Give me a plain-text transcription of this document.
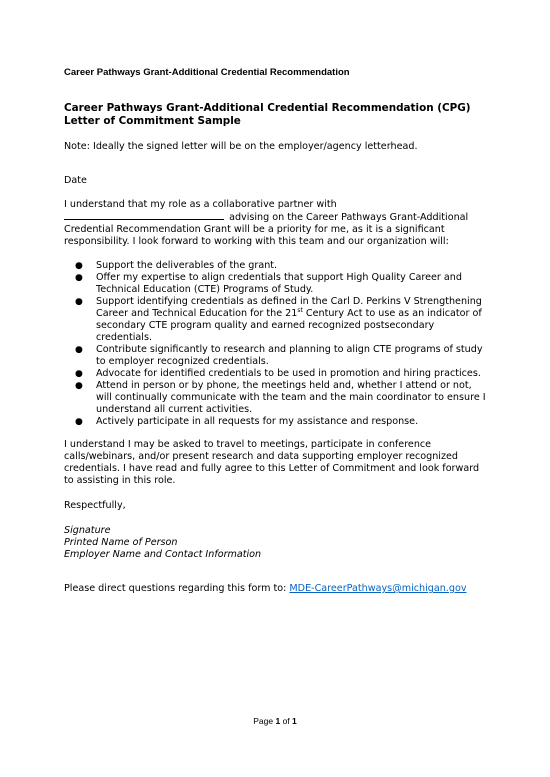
Career Pathways Grant-Additional Credential Recommendation

Career Pathways Grant-Additional Credential Recommendation (CPG)
Letter of Commitment Sample

Note: Ideally the signed letter will be on the employer/agency letterhead.

Date

I understand that my role as a collaborative partner with
advising on the Career Pathways Grant-Additional Credential Recommendation Grant will be a priority for me, as it is a significant responsibility. I look forward to working with this team and our organization will:

● Support the deliverables of the grant.
● Offer my expertise to align credentials that support High Quality Career and Technical Education (CTE) Programs of Study.
● Support identifying credentials as defined in the Carl D. Perkins V Strengthening Career and Technical Education for the 21st Century Act to use as an indicator of secondary CTE program quality and earned recognized postsecondary credentials.
● Contribute significantly to research and planning to align CTE programs of study to employer recognized credentials.
● Advocate for identified credentials to be used in promotion and hiring practices.
● Attend in person or by phone, the meetings held and, whether I attend or not, will continually communicate with the team and the main coordinator to ensure I understand all current activities.
● Actively participate in all requests for my assistance and response.

I understand I may be asked to travel to meetings, participate in conference calls/webinars, and/or present research and data supporting employer recognized credentials. I have read and fully agree to this Letter of Commitment and look forward to assisting in this role.

Respectfully,

Signature
Printed Name of Person
Employer Name and Contact Information

Please direct questions regarding this form to: MDE-CareerPathways@michigan.gov

Page 1 of 1
